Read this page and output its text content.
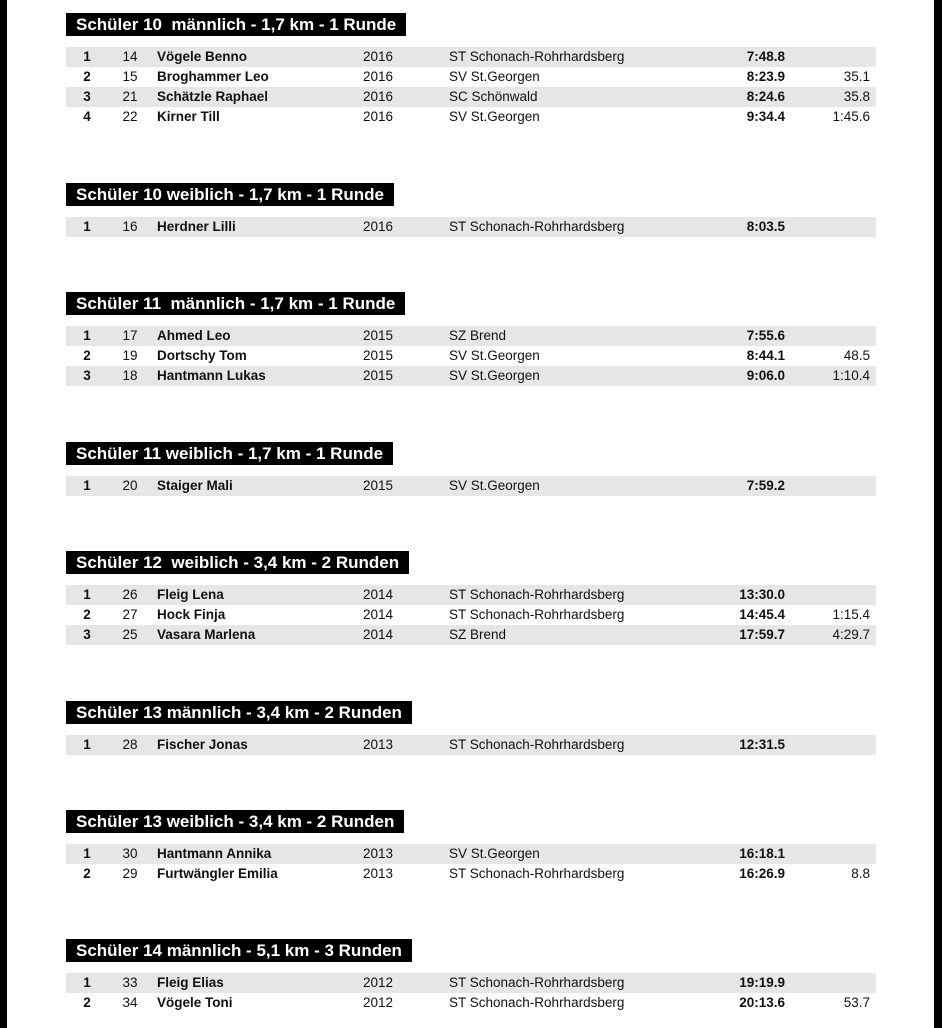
Schüler 10  männlich - 1,7 km - 1 Runde
1	14	Vögele Benno	2016	ST Schonach-Rohrhardsberg	7:48.8
2	15	Broghammer Leo	2016	SV St.Georgen	8:23.9	35.1
3	21	Schätzle Raphael	2016	SC Schönwald	8:24.6	35.8
4	22	Kirner Till	2016	SV St.Georgen	9:34.4	1:45.6
Schüler 10 weiblich - 1,7 km - 1 Runde
1	16	Herdner Lilli	2016	ST Schonach-Rohrhardsberg	8:03.5
Schüler 11  männlich - 1,7 km - 1 Runde
1	17	Ahmed Leo	2015	SZ Brend	7:55.6
2	19	Dortschy Tom	2015	SV St.Georgen	8:44.1	48.5
3	18	Hantmann Lukas	2015	SV St.Georgen	9:06.0	1:10.4
Schüler 11 weiblich - 1,7 km - 1 Runde
1	20	Staiger Mali	2015	SV St.Georgen	7:59.2
Schüler 12  weiblich - 3,4 km - 2 Runden
1	26	Fleig Lena	2014	ST Schonach-Rohrhardsberg	13:30.0
2	27	Hock Finja	2014	ST Schonach-Rohrhardsberg	14:45.4	1:15.4
3	25	Vasara Marlena	2014	SZ Brend	17:59.7	4:29.7
Schüler 13 männlich - 3,4 km - 2 Runden
1	28	Fischer Jonas	2013	ST Schonach-Rohrhardsberg	12:31.5
Schüler 13 weiblich - 3,4 km - 2 Runden
1	30	Hantmann Annika	2013	SV St.Georgen	16:18.1
2	29	Furtwängler Emilia	2013	ST Schonach-Rohrhardsberg	16:26.9	8.8
Schüler 14 männlich - 5,1 km - 3 Runden
1	33	Fleig Elias	2012	ST Schonach-Rohrhardsberg	19:19.9
2	34	Vögele Toni	2012	ST Schonach-Rohrhardsberg	20:13.6	53.7
